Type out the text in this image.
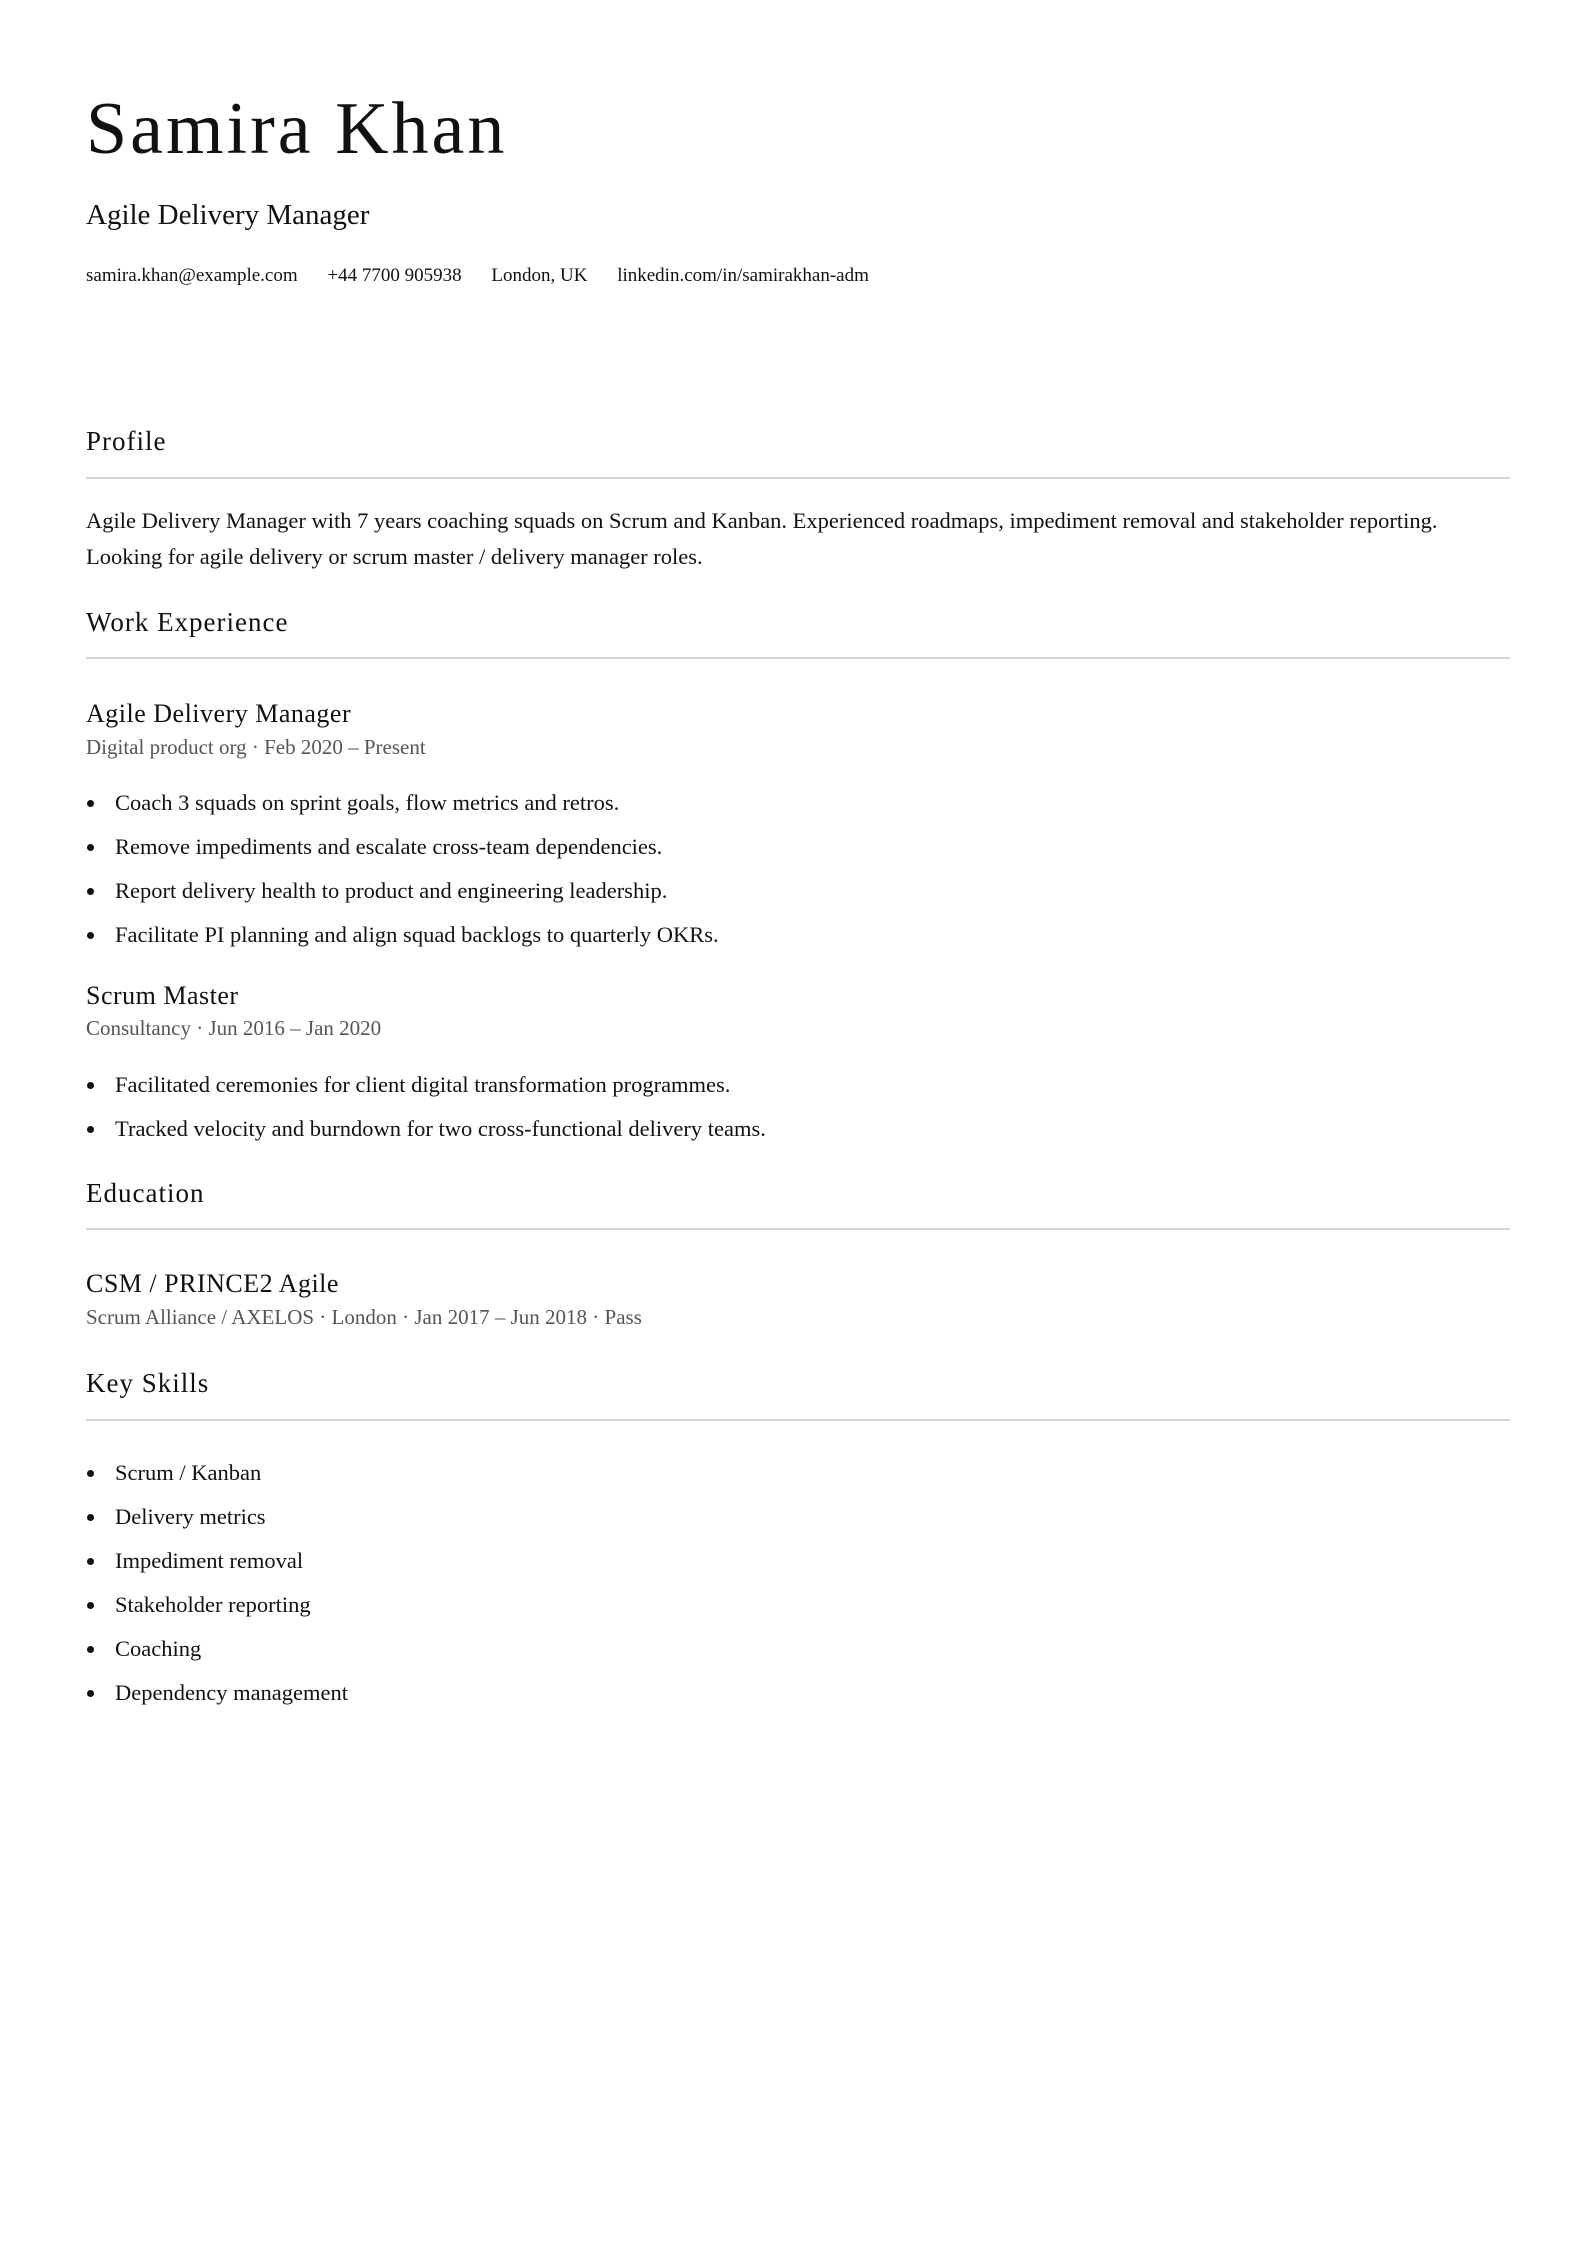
Samira Khan
Agile Delivery Manager
samira.khan@example.com +44 7700 905938 London, UK linkedin.com/in/samirakhan-adm
Profile

Agile Delivery Manager with 7 years coaching squads on Scrum and Kanban. Experienced roadmaps, impediment removal and stakeholder reporting. Looking for agile delivery or scrum master / delivery manager roles.

Work Experience
Agile Delivery Manager
Digital product org · Feb 2020 – Present
Coach 3 squads on sprint goals, flow metrics and retros.
Remove impediments and escalate cross-team dependencies.
Report delivery health to product and engineering leadership.
Facilitate PI planning and align squad backlogs to quarterly OKRs.
Scrum Master
Consultancy · Jun 2016 – Jan 2020
Facilitated ceremonies for client digital transformation programmes.
Tracked velocity and burndown for two cross-functional delivery teams.
Education
CSM / PRINCE2 Agile
Scrum Alliance / AXELOS · London · Jan 2017 – Jun 2018 · Pass
Key Skills
Scrum / Kanban
Delivery metrics
Impediment removal
Stakeholder reporting
Coaching
Dependency management
